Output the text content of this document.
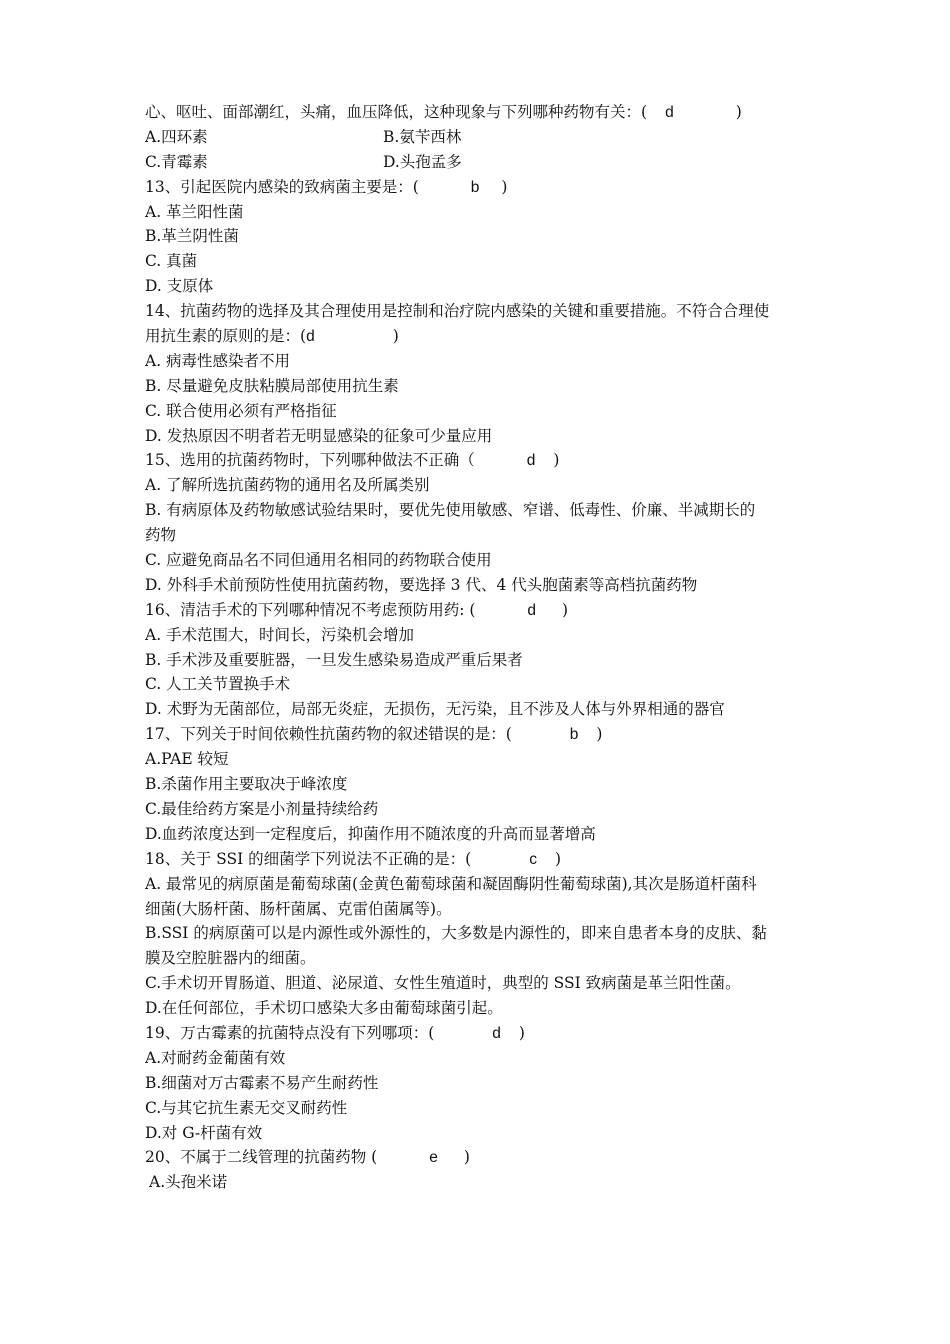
心、呕吐、面部潮红，头痛，血压降低，这种现象与下列哪种药物有关：( d	)
A.四环素	B.氨苄西林
C.青霉素	D.头孢孟多
13、引起医院内感染的致病菌主要是：(	b )
A. 革兰阳性菌
B.革兰阴性菌
C. 真菌
D. 支原体
14、抗菌药物的选择及其合理使用是控制和治疗院内感染的关键和重要措施。不符合合理使
用抗生素的原则的是：(d	)
A. 病毒性感染者不用
B. 尽量避免皮肤粘膜局部使用抗生素
C. 联合使用必须有严格指征
D. 发热原因不明者若无明显感染的征象可少量应用
15、选用的抗菌药物时，下列哪种做法不正确（	d )
A. 了解所选抗菌药物的通用名及所属类别
B. 有病原体及药物敏感试验结果时，要优先使用敏感、窄谱、低毒性、价廉、半减期长的
药物
C. 应避免商品名不同但通用名相同的药物联合使用
D. 外科手术前预防性使用抗菌药物，要选择 3 代、4 代头胞菌素等高档抗菌药物
16、清洁手术的下列哪种情况不考虑预防用药: (	d )
A. 手术范围大，时间长，污染机会增加
B. 手术涉及重要脏器，一旦发生感染易造成严重后果者
C. 人工关节置换手术
D. 术野为无菌部位，局部无炎症，无损伤，无污染，且不涉及人体与外界相通的器官
17、下列关于时间依赖性抗菌药物的叙述错误的是：(	b )
A.PAE 较短
B.杀菌作用主要取决于峰浓度
C.最佳给药方案是小剂量持续给药
D.血药浓度达到一定程度后，抑菌作用不随浓度的升高而显著增高
18、关于 SSI 的细菌学下列说法不正确的是：(	c )
A. 最常见的病原菌是葡萄球菌(金黄色葡萄球菌和凝固酶阴性葡萄球菌),其次是肠道杆菌科
细菌(大肠杆菌、肠杆菌属、克雷伯菌属等)。
B.SSI 的病原菌可以是内源性或外源性的，大多数是内源性的，即来自患者本身的皮肤、黏
膜及空腔脏器内的细菌。
C.手术切开胃肠道、胆道、泌尿道、女性生殖道时，典型的 SSI 致病菌是革兰阳性菌。
D.在任何部位，手术切口感染大多由葡萄球菌引起。
19、万古霉素的抗菌特点没有下列哪项：(	d )
A.对耐药金葡菌有效
B.细菌对万古霉素不易产生耐药性
C.与其它抗生素无交叉耐药性
D.对 G-杆菌有效
20、不属于二线管理的抗菌药物 (	e )
A.头孢米诺
